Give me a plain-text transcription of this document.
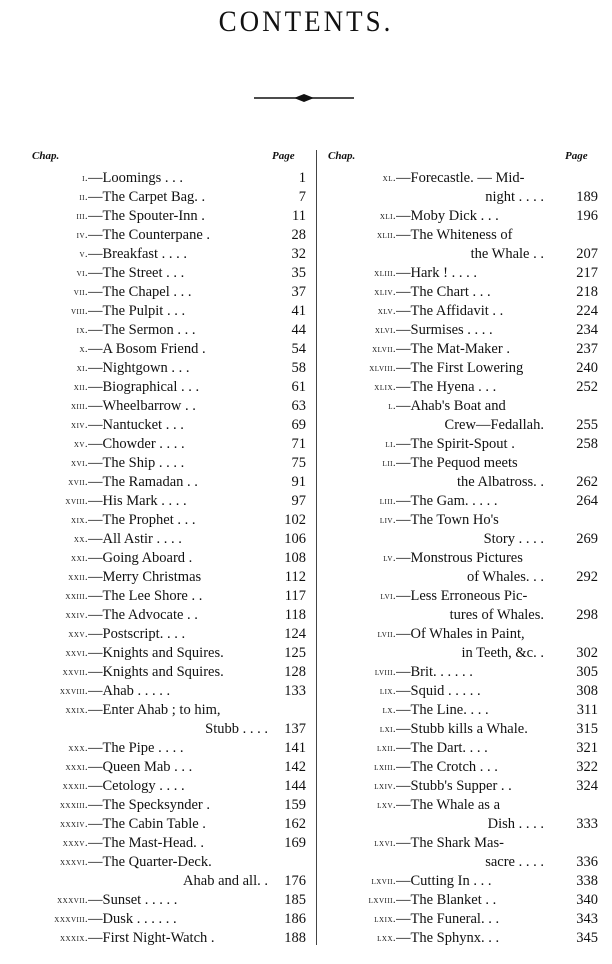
CONTENTS.
Chap.	Page	Chap.	Page
i. —Loomings . . .	1
ii. —The Carpet Bag. .	7
iii. —The Spouter-Inn .	11
iv. —The Counterpane .	28
v. —Breakfast . . . .	32
vi. —The Street . . .	35
vii. —The Chapel . . .	37
viii. —The Pulpit . . .	41
ix. —The Sermon . . .	44
x. —A Bosom Friend .	54
xi. —Nightgown . . .	58
xii. —Biographical . . .	61
xiii. —Wheelbarrow . .	63
xiv. —Nantucket . . .	69
xv. —Chowder . . . .	71
xvi. —The Ship . . . .	75
xvii. —The Ramadan . .	91
xviii. —His Mark . . . .	97
xix. —The Prophet . . .	102
xx. —All Astir . . . .	106
xxi. —Going Aboard .	108
xxii. —Merry Christmas	112
xxiii. —The Lee Shore . .	117
xxiv. —The Advocate . .	118
xxv. —Postscript. . . .	124
xxvi. —Knights and Squires.	125
xxvii. —Knights and Squires.	128
xxviii. —Ahab . . . . .	133
xxix. —Enter Ahab ; to him,
Stubb . . . .	137
xxx. —The Pipe . . . .	141
xxxi. —Queen Mab . . .	142
xxxii. —Cetology . . . .	144
xxxiii. —The Specksynder .	159
xxxiv. —The Cabin Table .	162
xxxv. —The Mast-Head. .	169
xxxvi. —The Quarter-Deck.
Ahab and all. .	176
xxxvii. —Sunset . . . . .	185
xxxviii. —Dusk . . . . . .	186
xxxix. —First Night-Watch .	188
xl. —Forecastle. — Mid-
night . . . .	189
xli. —Moby Dick . . .	196
xlii. —The Whiteness of
the Whale . .	207
xliii. —Hark ! . . . .	217
xliv. —The Chart . . .	218
xlv. —The Affidavit . .	224
xlvi. —Surmises . . . .	234
xlvii. —The Mat-Maker .	237
xlviii. —The First Lowering	240
xlix. —The Hyena . . .	252
l. —Ahab's Boat and
Crew—Fedallah.	255
li. —The Spirit-Spout .	258
lii. —The Pequod meets
the Albatross. .	262
liii. —The Gam. . . . .	264
liv. —The Town Ho's
Story . . . .	269
lv. —Monstrous Pictures
of Whales. . .	292
lvi. —Less Erroneous Pic-
tures of Whales.	298
lvii. —Of Whales in Paint,
in Teeth, &c. .	302
lviii. —Brit. . . . . .	305
lix. —Squid . . . . .	308
lx. —The Line. . . .	311
lxi. —Stubb kills a Whale.	315
lxii. —The Dart. . . .	321
lxiii. —The Crotch . . .	322
lxiv. —Stubb's Supper . .	324
lxv. —The Whale as a
Dish . . . .	333
lxvi. —The Shark Mas-
sacre . . . .	336
lxvii. —Cutting In . . .	338
lxviii. —The Blanket . .	340
lxix. —The Funeral. . .	343
lxx. —The Sphynx. . .	345
